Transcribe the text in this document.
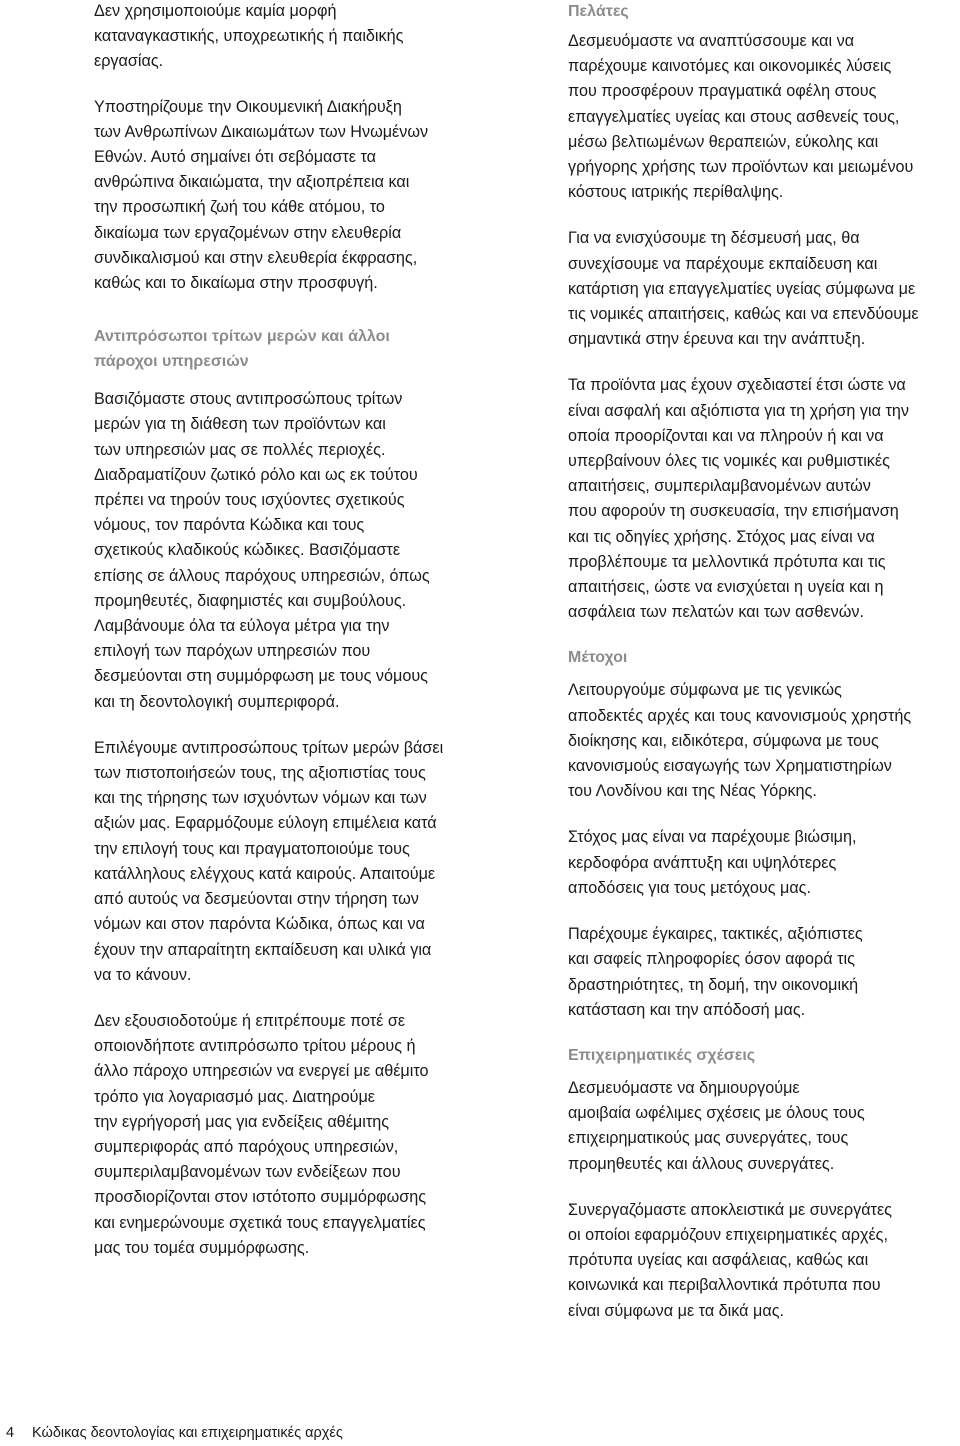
Δεν χρησιμοποιούμε καμία μορφή
καταναγκαστικής, υποχρεωτικής ή παιδικής
εργασίας.

Υποστηρίζουμε την Οικουμενική Διακήρυξη
των Ανθρωπίνων Δικαιωμάτων των Ηνωμένων
Εθνών. Αυτό σημαίνει ότι σεβόμαστε τα
ανθρώπινα δικαιώματα, την αξιοπρέπεια και
την προσωπική ζωή του κάθε ατόμου, το
δικαίωμα των εργαζομένων στην ελευθερία
συνδικαλισμού και στην ελευθερία έκφρασης,
καθώς και το δικαίωμα στην προσφυγή.

Αντιπρόσωποι τρίτων μερών και άλλοι
πάροχοι υπηρεσιών

Βασιζόμαστε στους αντιπροσώπους τρίτων
μερών για τη διάθεση των προϊόντων και
των υπηρεσιών μας σε πολλές περιοχές.
Διαδραματίζουν ζωτικό ρόλο και ως εκ τούτου
πρέπει να τηρούν τους ισχύοντες σχετικούς
νόμους, τον παρόντα Κώδικα και τους
σχετικούς κλαδικούς κώδικες. Βασιζόμαστε
επίσης σε άλλους παρόχους υπηρεσιών, όπως
προμηθευτές, διαφημιστές και συμβούλους.
Λαμβάνουμε όλα τα εύλογα μέτρα για την
επιλογή των παρόχων υπηρεσιών που
δεσμεύονται στη συμμόρφωση με τους νόμους
και τη δεοντολογική συμπεριφορά.

Επιλέγουμε αντιπροσώπους τρίτων μερών βάσει
των πιστοποιήσεών τους, της αξιοπιστίας τους
και της τήρησης των ισχυόντων νόμων και των
αξιών μας. Εφαρμόζουμε εύλογη επιμέλεια κατά
την επιλογή τους και πραγματοποιούμε τους
κατάλληλους ελέγχους κατά καιρούς. Απαιτούμε
από αυτούς να δεσμεύονται στην τήρηση των
νόμων και στον παρόντα Κώδικα, όπως και να
έχουν την απαραίτητη εκπαίδευση και υλικά για
να το κάνουν.

Δεν εξουσιοδοτούμε ή επιτρέπουμε ποτέ σε
οποιονδήποτε αντιπρόσωπο τρίτου μέρους ή
άλλο πάροχο υπηρεσιών να ενεργεί με αθέμιτο
τρόπο για λογαριασμό μας. Διατηρούμε
την εγρήγορσή μας για ενδείξεις αθέμιτης
συμπεριφοράς από παρόχους υπηρεσιών,
συμπεριλαμβανομένων των ενδείξεων που
προσδιορίζονται στον ιστότοπο συμμόρφωσης
και ενημερώνουμε σχετικά τους επαγγελματίες
μας του τομέα συμμόρφωσης.

Πελάτες

Δεσμευόμαστε να αναπτύσσουμε και να
παρέχουμε καινοτόμες και οικονομικές λύσεις
που προσφέρουν πραγματικά οφέλη στους
επαγγελματίες υγείας και στους ασθενείς τους,
μέσω βελτιωμένων θεραπειών, εύκολης και
γρήγορης χρήσης των προϊόντων και μειωμένου
κόστους ιατρικής περίθαλψης.

Για να ενισχύσουμε τη δέσμευσή μας, θα
συνεχίσουμε να παρέχουμε εκπαίδευση και
κατάρτιση για επαγγελματίες υγείας σύμφωνα με
τις νομικές απαιτήσεις, καθώς και να επενδύουμε
σημαντικά στην έρευνα και την ανάπτυξη.

Τα προϊόντα μας έχουν σχεδιαστεί έτσι ώστε να
είναι ασφαλή και αξιόπιστα για τη χρήση για την
οποία προορίζονται και να πληρούν ή και να
υπερβαίνουν όλες τις νομικές και ρυθμιστικές
απαιτήσεις, συμπεριλαμβανομένων αυτών
που αφορούν τη συσκευασία, την επισήμανση
και τις οδηγίες χρήσης. Στόχος μας είναι να
προβλέπουμε τα μελλοντικά πρότυπα και τις
απαιτήσεις, ώστε να ενισχύεται η υγεία και η
ασφάλεια των πελατών και των ασθενών.

Μέτοχοι

Λειτουργούμε σύμφωνα με τις γενικώς
αποδεκτές αρχές και τους κανονισμούς χρηστής
διοίκησης και, ειδικότερα, σύμφωνα με τους
κανονισμούς εισαγωγής των Χρηματιστηρίων
του Λονδίνου και της Νέας Υόρκης.

Στόχος μας είναι να παρέχουμε βιώσιμη,
κερδοφόρα ανάπτυξη και υψηλότερες
αποδόσεις για τους μετόχους μας.

Παρέχουμε έγκαιρες, τακτικές, αξιόπιστες
και σαφείς πληροφορίες όσον αφορά τις
δραστηριότητες, τη δομή, την οικονομική
κατάσταση και την απόδοσή μας.

Επιχειρηματικές σχέσεις

Δεσμευόμαστε να δημιουργούμε
αμοιβαία ωφέλιμες σχέσεις με όλους τους
επιχειρηματικούς μας συνεργάτες, τους
προμηθευτές και άλλους συνεργάτες.

Συνεργαζόμαστε αποκλειστικά με συνεργάτες
οι οποίοι εφαρμόζουν επιχειρηματικές αρχές,
πρότυπα υγείας και ασφάλειας, καθώς και
κοινωνικά και περιβαλλοντικά πρότυπα που
είναι σύμφωνα με τα δικά μας.

4 Κώδικας δεοντολογίας και επιχειρηματικές αρχές
